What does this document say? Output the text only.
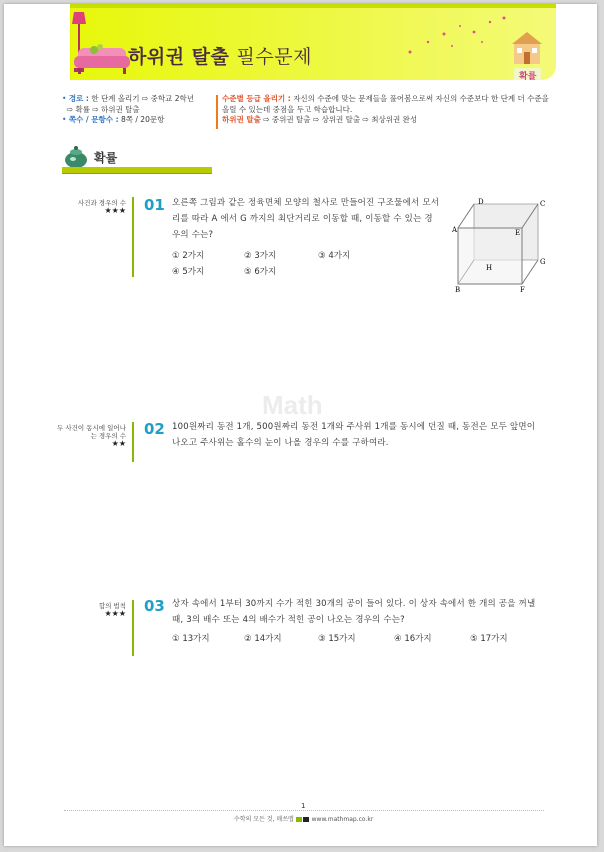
하위권 탈출 필수문제
확률
• 경로 : 한 단계 올리기 ⇨ 중학교 2학년
⇨ 확률 ⇨ 하위권 탈출
• 쪽수 / 문항수 : 8쪽 / 20문항
수준별 등급 올리기 : 자신의 수준에 맞는 문제들을 풀어봄으로써 자신의 수준보다 한 단계 더 수준을
올릴 수 있는데 중점을 두고 학습합니다.
하위권 탈출 ⇨ 중위권 탈출 ⇨ 상위권 탈출 ⇨ 최상위권 완성
확률
사건과 경우의 수
★★★ 01 오른쪽 그림과 같은 정육면체 모양의 철사로 만들어진 구조물에서 모서
리를 따라 A 에서 G 까지의 최단거리로 이동할 때, 이동할 수 있는 경
우의 수는?
① 2가지	② 3가지	③ 4가지
④ 5가지	⑤ 6가지
D	C
A	E
H
G
B	F
Math
두 사건이 동시에 일어나는 경우의 수
★★
02 100원짜리 동전 1개, 500원짜리 동전 1개와 주사위 1개를 동시에 던질 때, 동전은 모두 앞면이
나오고 주사위는 홀수의 눈이 나올 경우의 수를 구하여라.
합의 법칙
★★★ 03 상자 속에서 1부터 30까지 수가 적힌 30개의 공이 들어 있다. 이 상자 속에서 한 개의 공을 꺼낼
때, 3의 배수 또는 4의 배수가 적힌 공이 나오는 경우의 수는?
① 13가지	② 14가지	③ 15가지	④ 16가지	⑤ 17가지
1
수학의 모든 것, 매쓰맵	www.mathmap.co.kr
